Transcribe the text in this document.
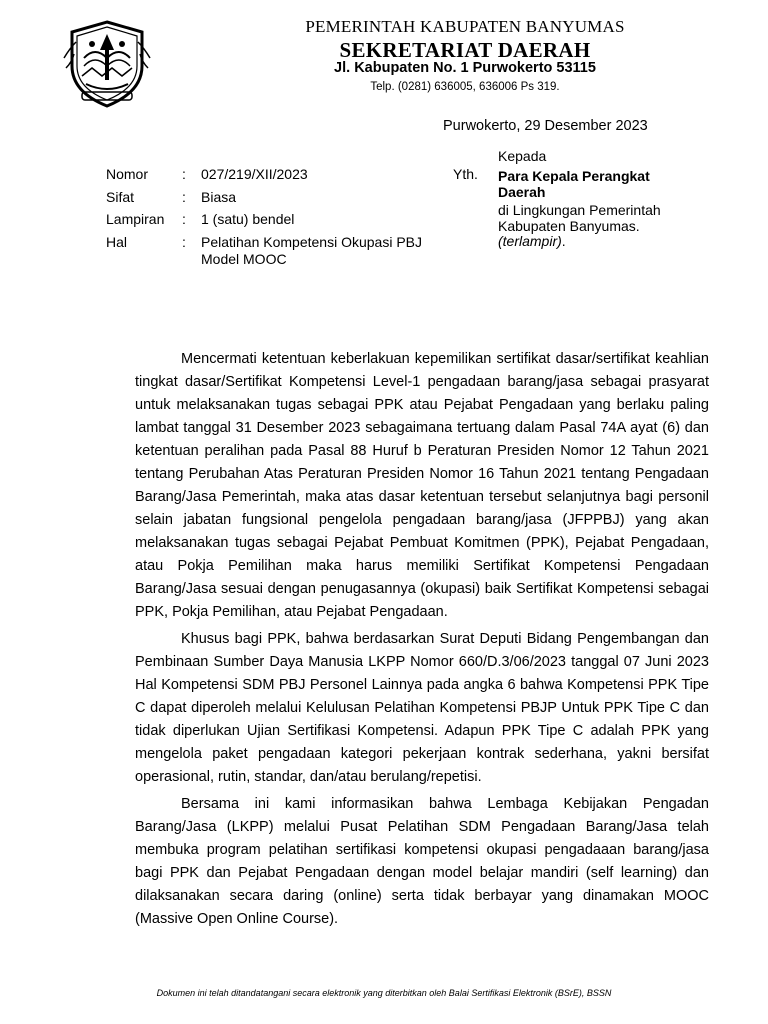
PEMERINTAH KABUPATEN BANYUMAS
SEKRETARIAT DAERAH
Jl. Kabupaten No. 1 Purwokerto 53115
Telp. (0281) 636005, 636006 Ps 319.
Purwokerto, 29 Desember 2023
Nomor	: 027/219/XII/2023
Sifat	: Biasa
Lampiran	: 1 (satu) bendel
Hal	: Pelatihan Kompetensi Okupasi PBJ Model MOOC
Yth.
Kepada
Para Kepala Perangkat Daerah
di Lingkungan Pemerintah Kabupaten Banyumas.
(terlampir).

Mencermati ketentuan keberlakuan kepemilikan sertifikat dasar/sertifikat keahlian tingkat dasar/Sertifikat Kompetensi Level-1 pengadaan barang/jasa sebagai prasyarat untuk melaksanakan tugas sebagai PPK atau Pejabat Pengadaan yang berlaku paling lambat tanggal 31 Desember 2023 sebagaimana tertuang dalam Pasal 74A ayat (6) dan ketentuan peralihan pada Pasal 88 Huruf b Peraturan Presiden Nomor 12 Tahun 2021 tentang Perubahan Atas Peraturan Presiden Nomor 16 Tahun 2021 tentang Pengadaan Barang/Jasa Pemerintah, maka atas dasar ketentuan tersebut selanjutnya bagi personil selain jabatan fungsional pengelola pengadaan barang/jasa (JFPPBJ) yang akan melaksanakan tugas sebagai Pejabat Pembuat Komitmen (PPK), Pejabat Pengadaan, atau Pokja Pemilihan maka harus memiliki Sertifikat Kompetensi Pengadaan Barang/Jasa sesuai dengan penugasannya (okupasi) baik Sertifikat Kompetensi sebagai PPK, Pokja Pemilihan, atau Pejabat Pengadaan.

Khusus bagi PPK, bahwa berdasarkan Surat Deputi Bidang Pengembangan dan Pembinaan Sumber Daya Manusia LKPP Nomor 660/D.3/06/2023 tanggal 07 Juni 2023 Hal Kompetensi SDM PBJ Personel Lainnya pada angka 6 bahwa Kompetensi PPK Tipe C dapat diperoleh melalui Kelulusan Pelatihan Kompetensi PBJP Untuk PPK Tipe C dan tidak diperlukan Ujian Sertifikasi Kompetensi. Adapun PPK Tipe C adalah PPK yang mengelola paket pengadaan kategori pekerjaan kontrak sederhana, yakni bersifat operasional, rutin, standar, dan/atau berulang/repetisi.

Bersama ini kami informasikan bahwa Lembaga Kebijakan Pengadan Barang/Jasa (LKPP) melalui Pusat Pelatihan SDM Pengadaan Barang/Jasa telah membuka program pelatihan sertifikasi kompetensi okupasi pengadaaan barang/jasa bagi PPK dan Pejabat Pengadaan dengan model belajar mandiri (self learning) dan dilaksanakan secara daring (online) serta tidak berbayar yang dinamakan MOOC (Massive Open Online Course).

Dokumen ini telah ditandatangani secara elektronik yang diterbitkan oleh Balai Sertifikasi Elektronik (BSrE), BSSN
